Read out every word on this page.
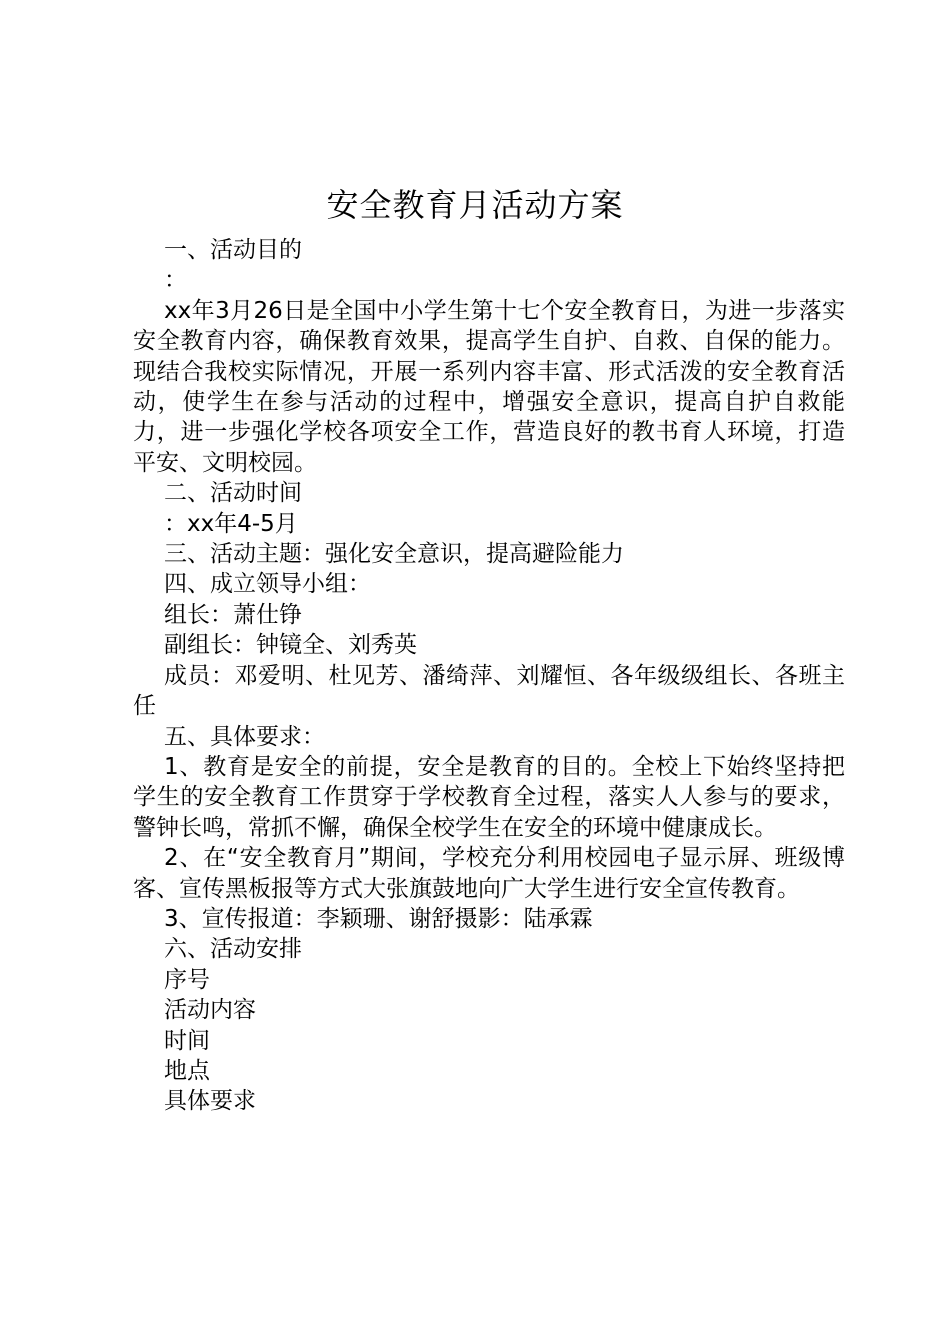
安全教育月活动方案

一、活动目的

：

xx年3月26日是全国中小学生第十七个安全教育日，为进一步落实安全教育内容，确保教育效果，提高学生自护、自救、自保的能力。现结合我校实际情况，开展一系列内容丰富、形式活泼的安全教育活动，使学生在参与活动的过程中，增强安全意识，提高自护自救能力，进一步强化学校各项安全工作，营造良好的教书育人环境，打造平安、文明校园。

二、活动时间

：xx年4-5月

三、活动主题：强化安全意识，提高避险能力

四、成立领导小组：

组长：萧仕铮

副组长：钟镜全、刘秀英

成员：邓爱明、杜见芳、潘绮萍、刘耀恒、各年级级组长、各班主任

五、具体要求：

1、教育是安全的前提，安全是教育的目的。全校上下始终坚持把学生的安全教育工作贯穿于学校教育全过程，落实人人参与的要求，警钟长鸣，常抓不懈，确保全校学生在安全的环境中健康成长。

2、在“安全教育月”期间，学校充分利用校园电子显示屏、班级博客、宣传黑板报等方式大张旗鼓地向广大学生进行安全宣传教育。

3、宣传报道：李颖珊、谢舒摄影：陆承霖

六、活动安排

序号

活动内容

时间

地点

具体要求
